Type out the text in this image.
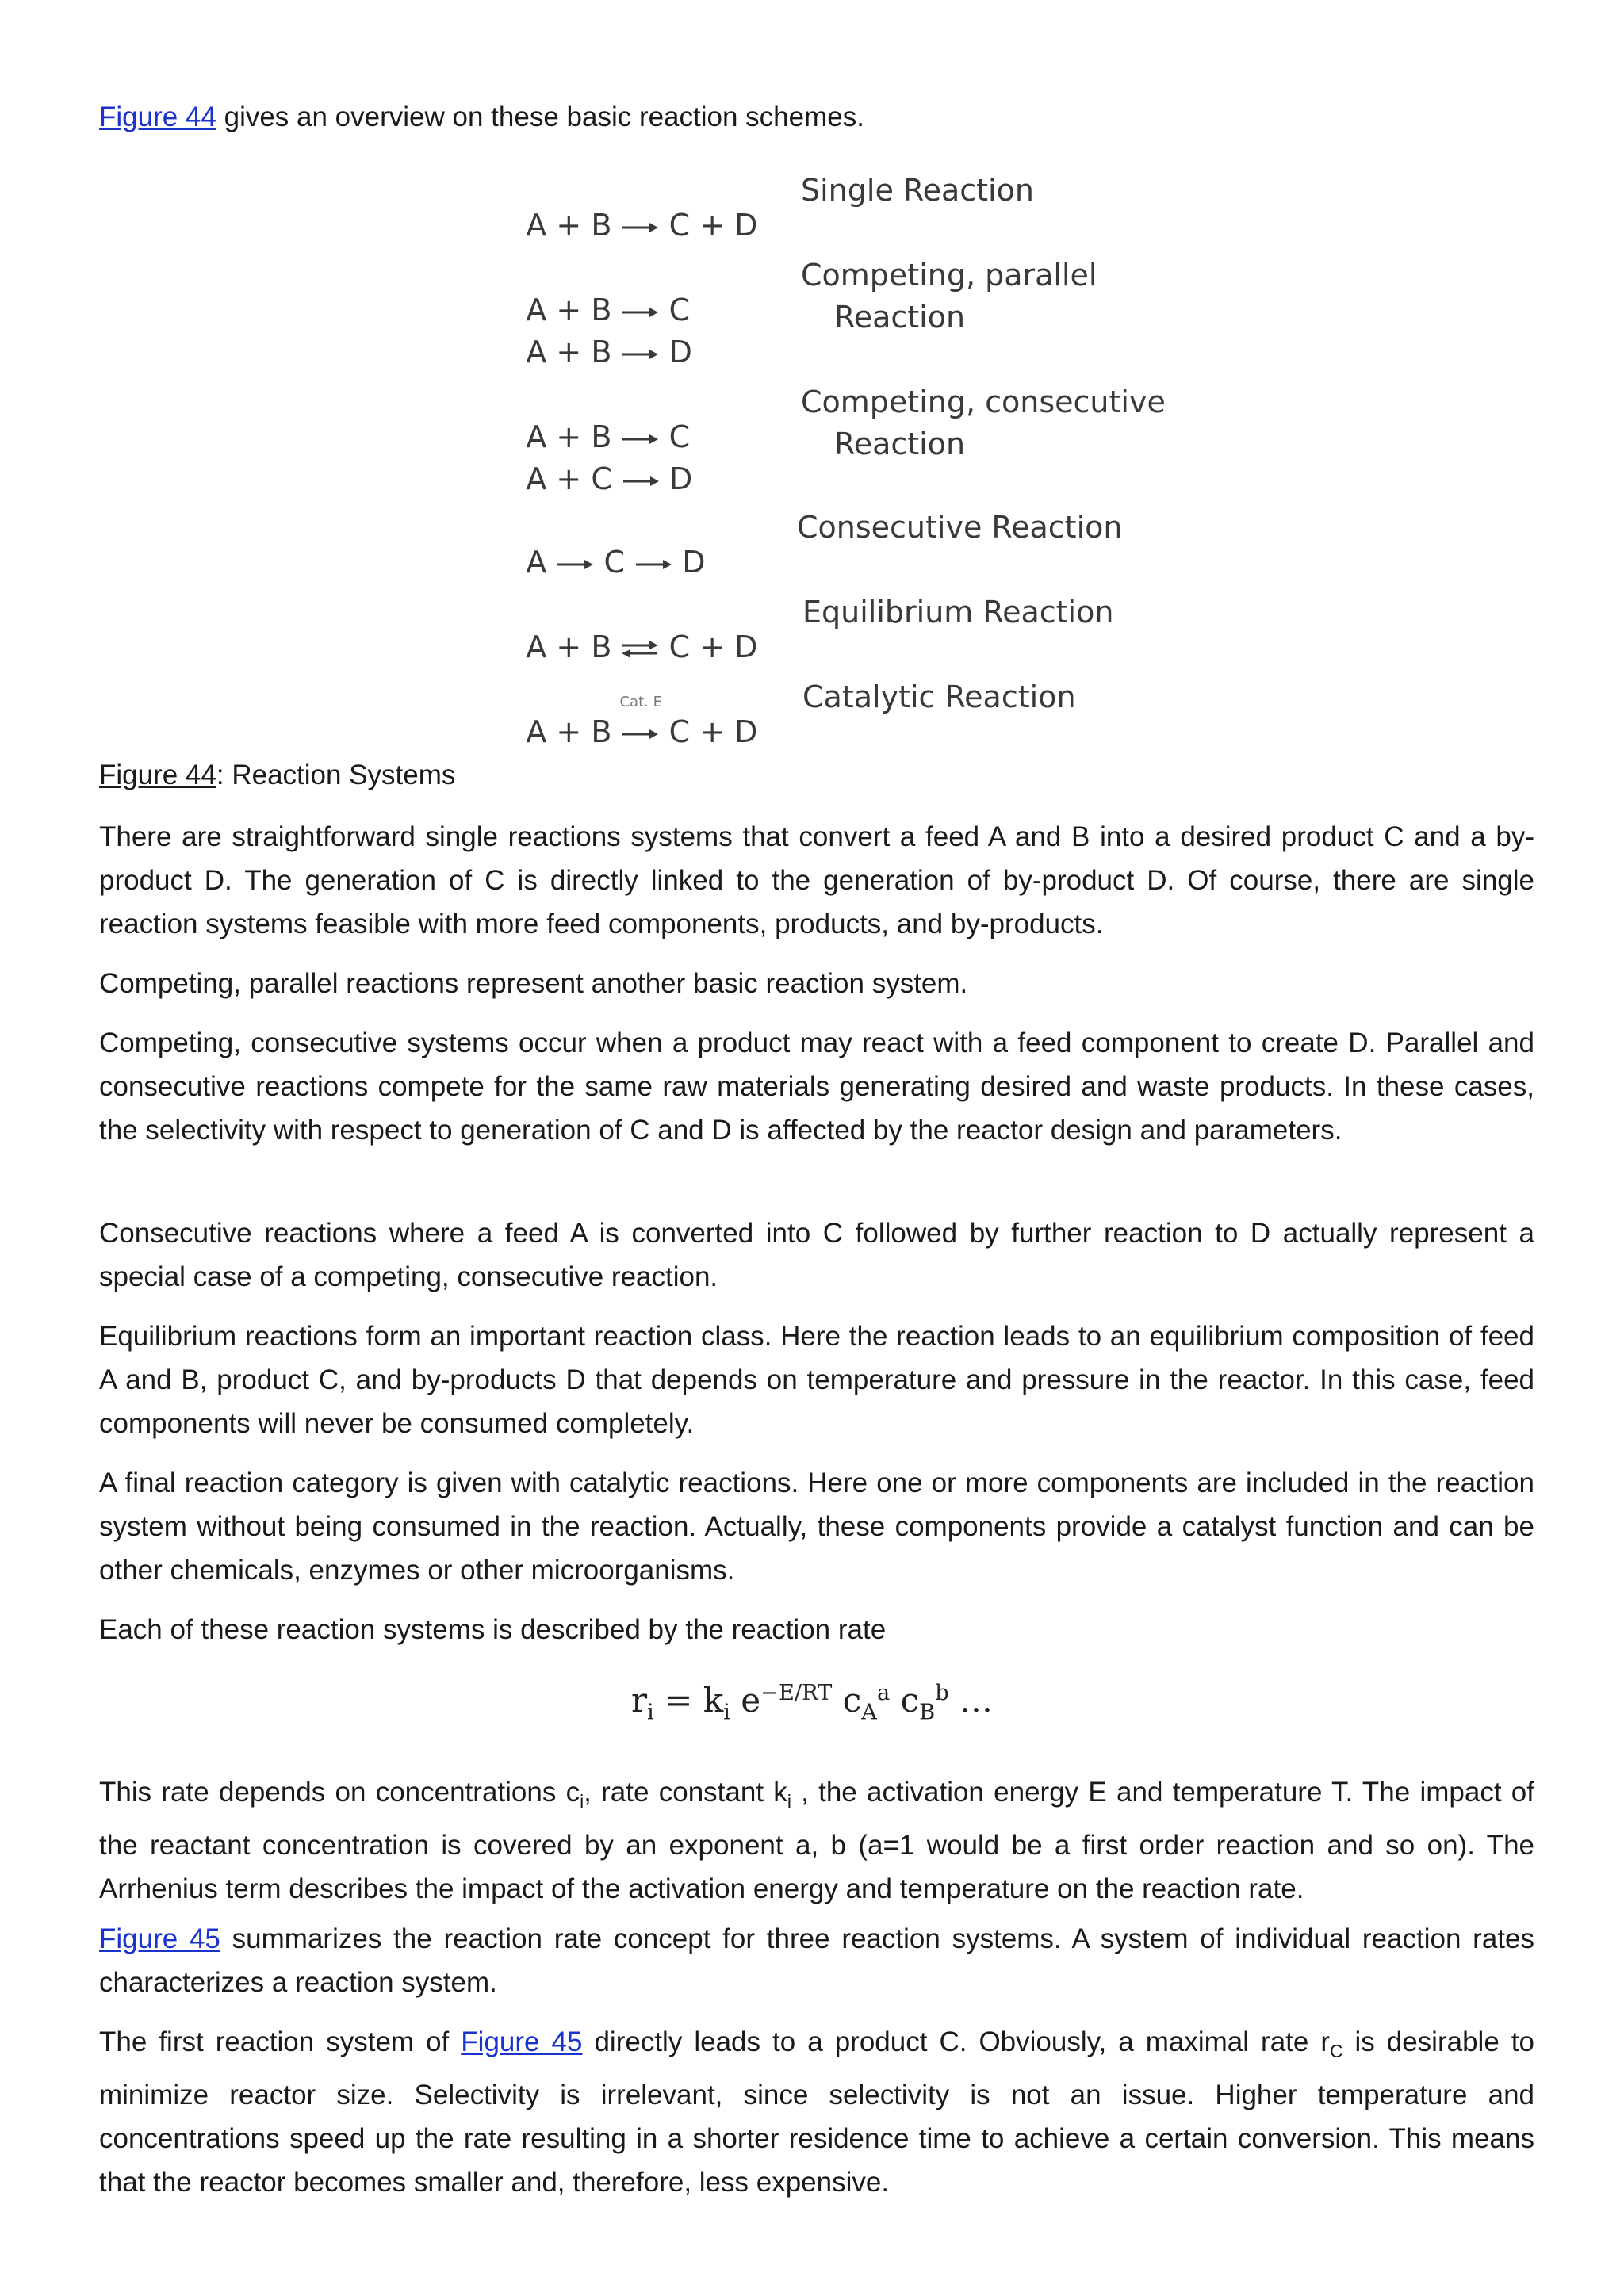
Figure 44 gives an overview on these basic reaction schemes.

A + B C + D

Single Reaction

A + B C

Competing, parallel

A + B D

Reaction

A + B C

Competing, consecutive

A + C D

Reaction

A C D

Consecutive Reaction

A + B ⇌ C + D

Equilibrium Reaction

A + B
Cat. E
C + D

Catalytic Reaction

Figure 44: Reaction Systems

There are straightforward single reactions systems that convert a feed A and B into a desired product C and a by-product D. The generation of C is directly linked to the generation of by-product D. Of course, there are single reaction systems feasible with more feed components, products, and by-products.

Competing, parallel reactions represent another basic reaction system.

Competing, consecutive systems occur when a product may react with a feed component to create D. Parallel and consecutive reactions compete for the same raw materials generating desired and waste products. In these cases, the selectivity with respect to generation of C and D is affected by the reactor design and parameters.

Consecutive reactions where a feed A is converted into C followed by further reaction to D actually represent a special case of a competing, consecutive reaction.

Equilibrium reactions form an important reaction class. Here the reaction leads to an equilibrium composition of feed A and B, product C, and by-products D that depends on temperature and pressure in the reactor. In this case, feed components will never be consumed completely.

A final reaction category is given with catalytic reactions. Here one or more components are included in the reaction system without being consumed in the reaction. Actually, these components provide a catalyst function and can be other chemicals, enzymes or other microorganisms.

Each of these reaction systems is described by the reaction rate

This rate depends on concentrations $c_i$, rate constant $k_i$ , the activation energy E and temperature T. The impact of the reactant concentration is covered by an exponent a, b (a=1 would be a first order reaction and so on). The Arrhenius term describes the impact of the activation energy and temperature on the reaction rate.

Figure 45 summarizes the reaction rate concept for three reaction systems. A system of individual reaction rates characterizes a reaction system.

The first reaction system of Figure 45 directly leads to a product C. Obviously, a maximal rate $r_C$ is desirable to minimize reactor size. Selectivity is irrelevant, since selectivity is not an issue. Higher temperature and concentrations speed up the rate resulting in a shorter residence time to achieve a certain conversion. This means that the reactor becomes smaller and, therefore, less expensive.

$r_i = k_i$ $e^{-E/RT}$ $c_A^a$ $c_B^b$ …
